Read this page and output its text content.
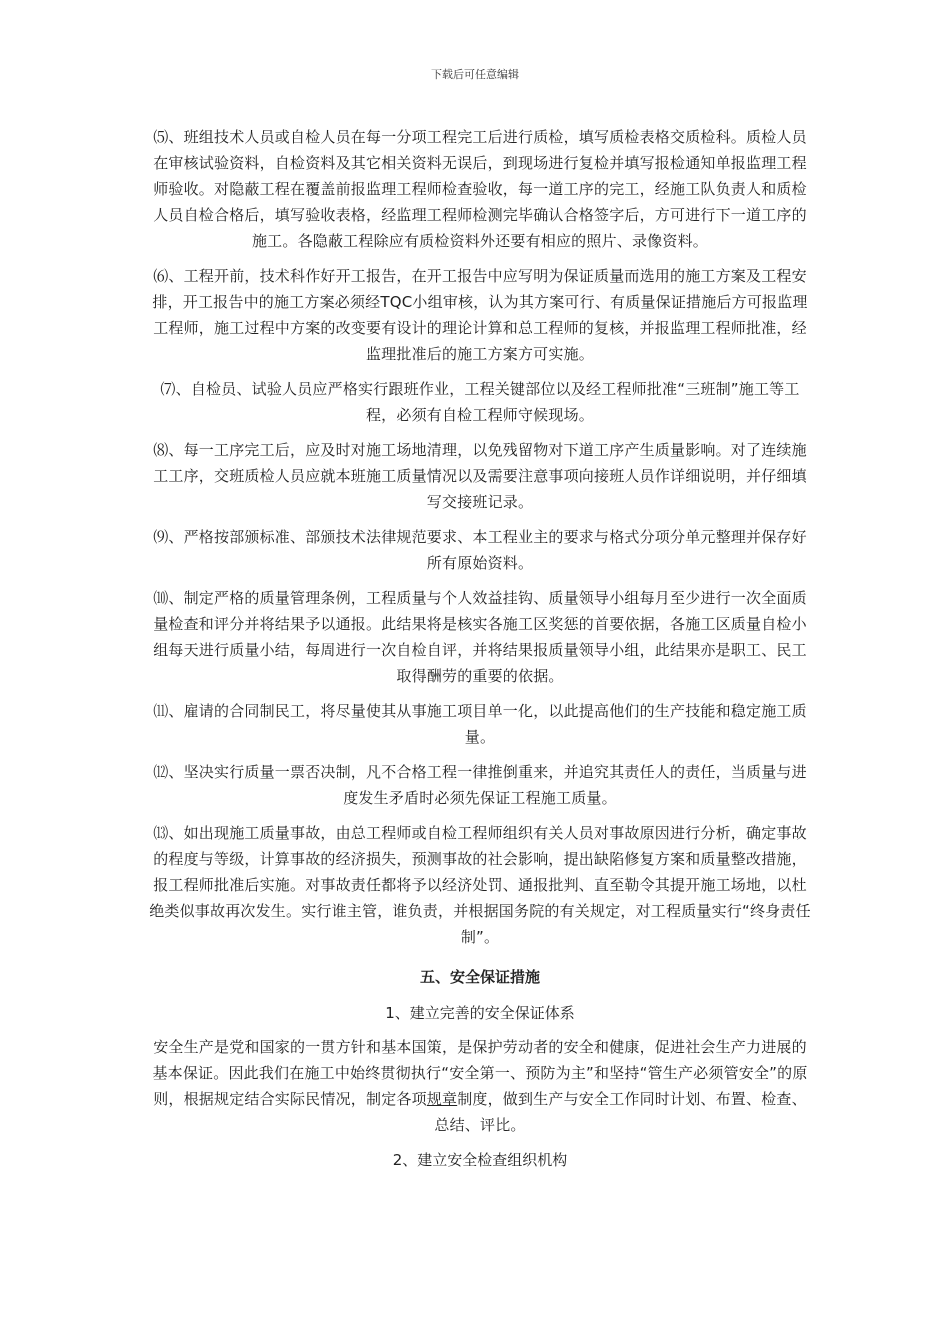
下载后可任意编辑

⑸、班组技术人员或自检人员在每一分项工程完工后进行质检，填写质检表格交质检科。质检人员在审核试验资料，自检资料及其它相关资料无误后，到现场进行复检并填写报检通知单报监理工程师验收。对隐蔽工程在覆盖前报监理工程师检查验收，每一道工序的完工，经施工队负责人和质检人员自检合格后，填写验收表格，经监理工程师检测完毕确认合格签字后，方可进行下一道工序的施工。各隐蔽工程除应有质检资料外还要有相应的照片、录像资料。

⑹、工程开前，技术科作好开工报告，在开工报告中应写明为保证质量而选用的施工方案及工程安排，开工报告中的施工方案必须经TQC小组审核，认为其方案可行、有质量保证措施后方可报监理工程师，施工过程中方案的改变要有设计的理论计算和总工程师的复核，并报监理工程师批准，经监理批准后的施工方案方可实施。

⑺、自检员、试验人员应严格实行跟班作业，工程关键部位以及经工程师批准“三班制”施工等工程，必须有自检工程师守候现场。

⑻、每一工序完工后，应及时对施工场地清理，以免残留物对下道工序产生质量影响。对了连续施工工序，交班质检人员应就本班施工质量情况以及需要注意事项向接班人员作详细说明，并仔细填写交接班记录。

⑼、严格按部颁标准、部颁技术法律规范要求、本工程业主的要求与格式分项分单元整理并保存好所有原始资料。

⑽、制定严格的质量管理条例，工程质量与个人效益挂钩、质量领导小组每月至少进行一次全面质量检查和评分并将结果予以通报。此结果将是核实各施工区奖惩的首要依据，各施工区质量自检小组每天进行质量小结，每周进行一次自检自评，并将结果报质量领导小组，此结果亦是职工、民工取得酬劳的重要的依据。

⑾、雇请的合同制民工，将尽量使其从事施工项目单一化，以此提高他们的生产技能和稳定施工质量。

⑿、坚决实行质量一票否决制，凡不合格工程一律推倒重来，并追究其责任人的责任，当质量与进度发生矛盾时必须先保证工程施工质量。

⒀、如出现施工质量事故，由总工程师或自检工程师组织有关人员对事故原因进行分析，确定事故的程度与等级，计算事故的经济损失，预测事故的社会影响，提出缺陷修复方案和质量整改措施，报工程师批准后实施。对事故责任都将予以经济处罚、通报批判、直至勒令其提开施工场地，以杜绝类似事故再次发生。实行谁主管，谁负责，并根据国务院的有关规定，对工程质量实行“终身责任制”。

五、安全保证措施
1、建立完善的安全保证体系

安全生产是党和国家的一贯方针和基本国策，是保护劳动者的安全和健康，促进社会生产力进展的基本保证。因此我们在施工中始终贯彻执行“安全第一、预防为主”和坚持“管生产必须管安全”的原则，根据规定结合实际民情况，制定各项规章制度，做到生产与安全工作同时计划、布置、检查、总结、评比。

2、建立安全检查组织机构
